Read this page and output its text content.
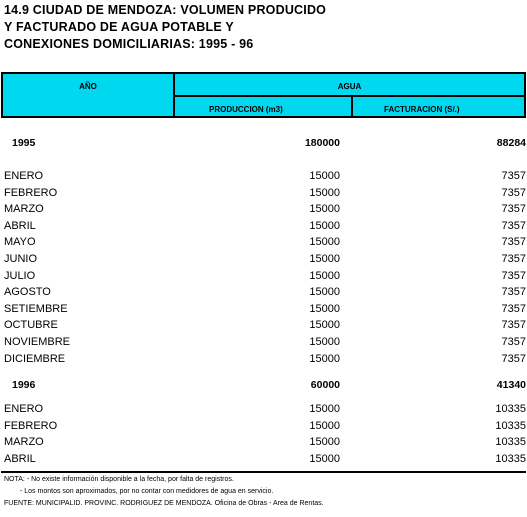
14.9 CIUDAD DE MENDOZA: VOLUMEN PRODUCIDO
Y FACTURADO DE AGUA POTABLE Y
CONEXIONES DOMICILIARIAS: 1995 - 96
AÑO	AGUA
PRODUCCION (m3)	FACTURACION (S/.)
1995	180000	88284
ENERO	15000	7357
FEBRERO	15000	7357
MARZO	15000	7357
ABRIL	15000	7357
MAYO	15000	7357
JUNIO	15000	7357
JULIO	15000	7357
AGOSTO	15000	7357
SETIEMBRE	15000	7357
OCTUBRE	15000	7357
NOVIEMBRE	15000	7357
DICIEMBRE	15000	7357
1996	60000	41340
ENERO	15000	10335
FEBRERO	15000	10335
MARZO	15000	10335
ABRIL	15000	10335
NOTA: - No existe información disponible a la fecha, por falta de registros.
- Los montos son aproximados, por no contar con medidores de agua en servicio.
FUENTE: MUNICIPALID. PROVINC. RODRIGUEZ DE MENDOZA. Oficina de Obras - Area de Rentas.
